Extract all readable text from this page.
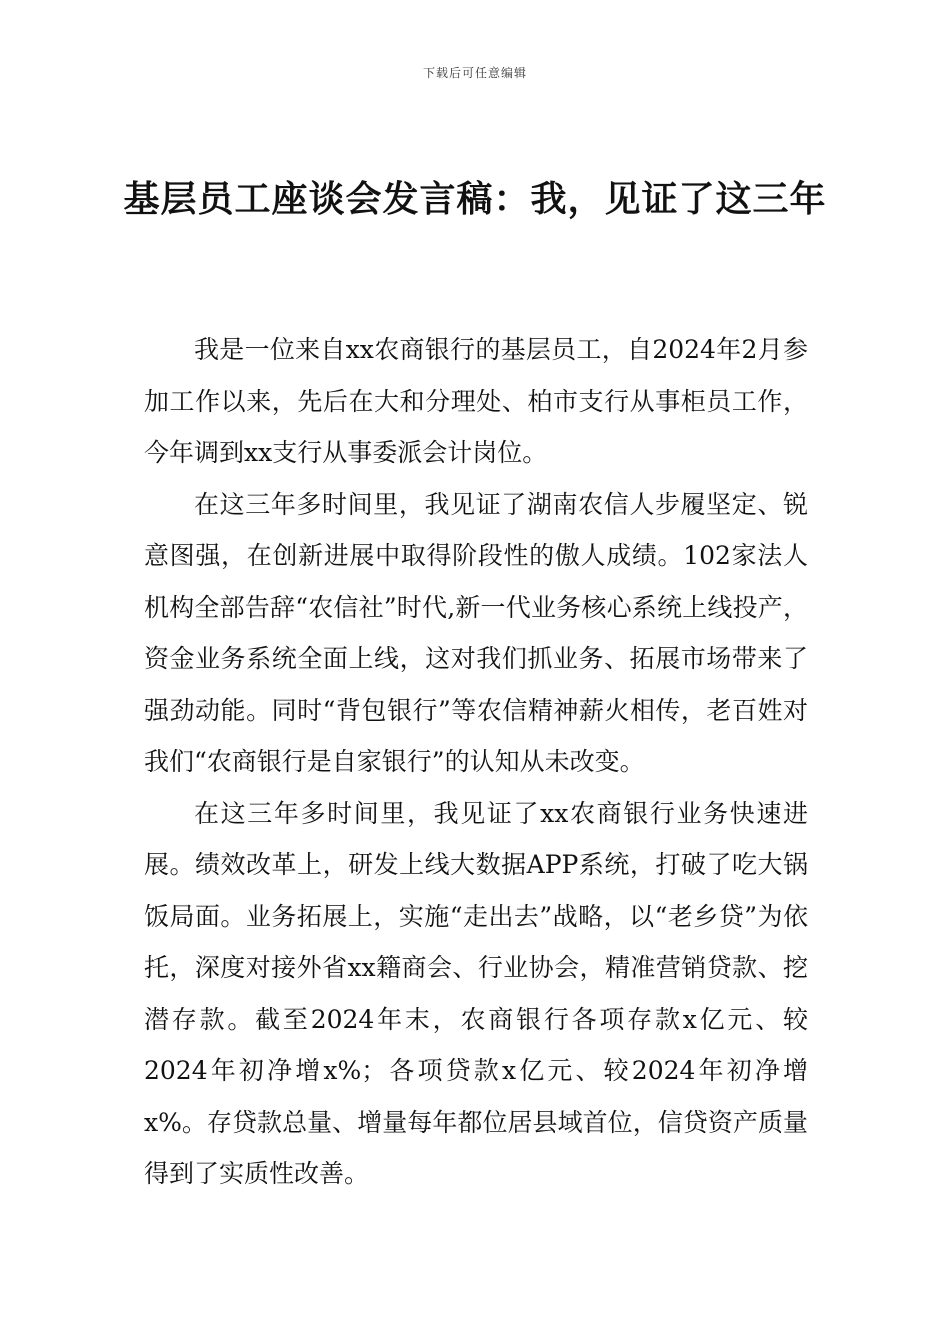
下载后可任意编辑
基层员工座谈会发言稿：我，见证了这三年

我是一位来自xx农商银行的基层员工，自2024年2月参加工作以来，先后在大和分理处、柏市支行从事柜员工作，今年调到xx支行从事委派会计岗位。

在这三年多时间里，我见证了湖南农信人步履坚定、锐意图强，在创新进展中取得阶段性的傲人成绩。102家法人机构全部告辞“农信社”时代,新一代业务核心系统上线投产，资金业务系统全面上线，这对我们抓业务、拓展市场带来了强劲动能。同时“背包银行”等农信精神薪火相传，老百姓对我们“农商银行是自家银行”的认知从未改变。

在这三年多时间里，我见证了xx农商银行业务快速进展。绩效改革上，研发上线大数据APP系统，打破了吃大锅饭局面。业务拓展上，实施“走出去”战略，以“老乡贷”为依托，深度对接外省xx籍商会、行业协会，精准营销贷款、挖潜存款。截至2024年末，农商银行各项存款x亿元、较2024年初净增x%；各项贷款x亿元、较2024年初净增x%。存贷款总量、增量每年都位居县域首位，信贷资产质量得到了实质性改善。
